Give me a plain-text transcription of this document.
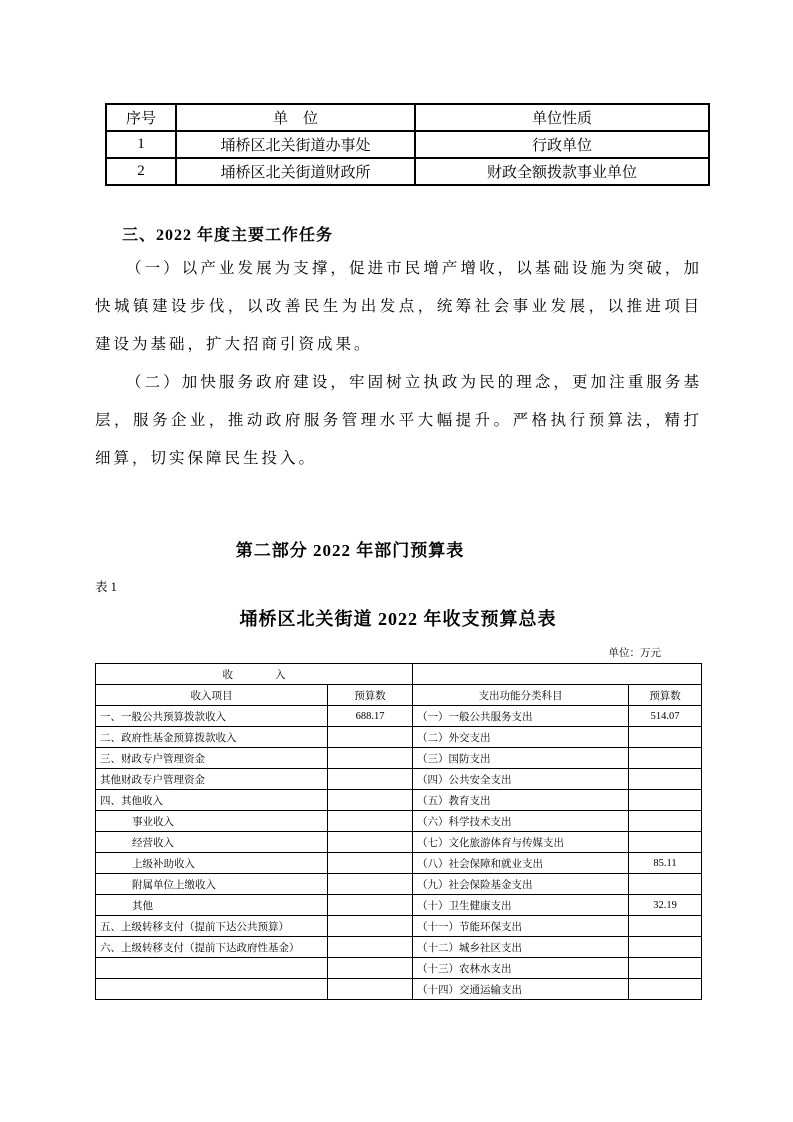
序号	单　位	单位性质
1	埇桥区北关街道办事处	行政单位
2	埇桥区北关街道财政所	财政全额拨款事业单位
三、2022 年度主要工作任务

（一）以产业发展为支撑，促进市民增产增收，以基础设施为突破，加快城镇建设步伐，以改善民生为出发点，统筹社会事业发展，以推进项目建设为基础，扩大招商引资成果。

（二）加快服务政府建设，牢固树立执政为民的理念，更加注重服务基层，服务企业，推动政府服务管理水平大幅提升。严格执行预算法，精打细算，切实保障民生投入。

第二部分 2022 年部门预算表
表 1
埇桥区北关街道 2022 年收支预算总表
单位：万元
收　　　　入			
收入项目	预算数	支出功能分类科目	预算数
一、一般公共预算拨款收入	688.17	（一）一般公共服务支出	514.07
二、政府性基金预算拨款收入		（二）外交支出	
三、财政专户管理资金		（三）国防支出	
其他财政专户管理资金		（四）公共安全支出	
四、其他收入		（五）教育支出	
事业收入		（六）科学技术支出	
经营收入		（七）文化旅游体育与传媒支出	
上级补助收入		（八）社会保障和就业支出	85.11
附属单位上缴收入		（九）社会保险基金支出	
其他		（十）卫生健康支出	32.19
五、上级转移支付（提前下达公共预算）		（十一）节能环保支出	
六、上级转移支付（提前下达政府性基金）		（十二）城乡社区支出	
		（十三）农林水支出	
		（十四）交通运输支出	
